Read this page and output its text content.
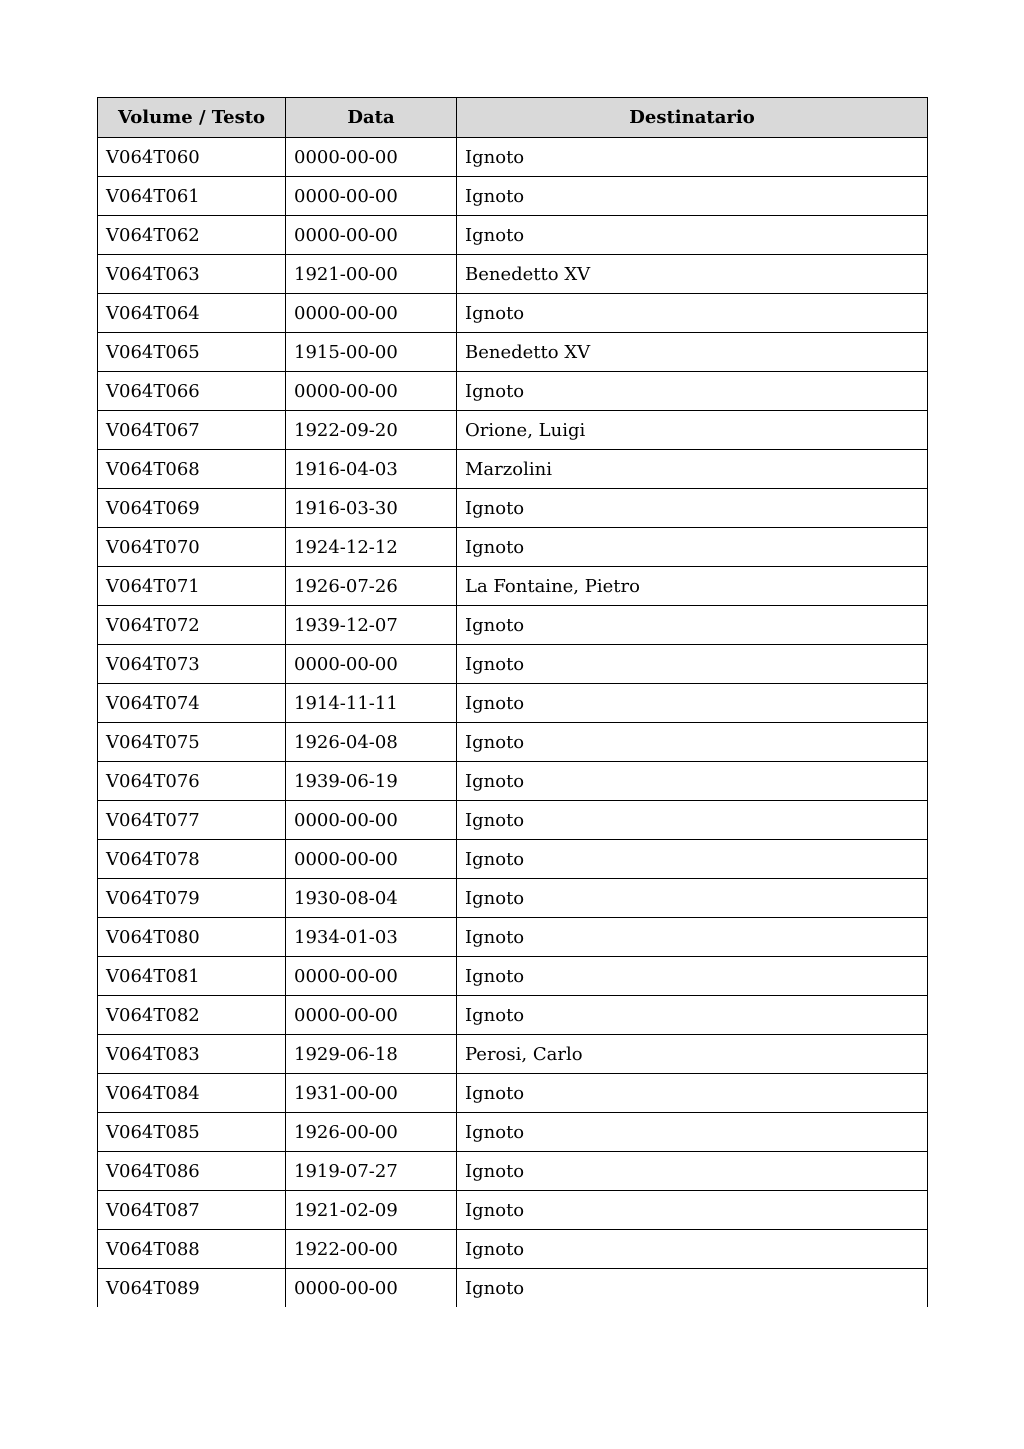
Volume / Testo	Data	Destinatario
V064T060	0000-00-00	Ignoto
V064T061	0000-00-00	Ignoto
V064T062	0000-00-00	Ignoto
V064T063	1921-00-00	Benedetto XV
V064T064	0000-00-00	Ignoto
V064T065	1915-00-00	Benedetto XV
V064T066	0000-00-00	Ignoto
V064T067	1922-09-20	Orione, Luigi
V064T068	1916-04-03	Marzolini
V064T069	1916-03-30	Ignoto
V064T070	1924-12-12	Ignoto
V064T071	1926-07-26	La Fontaine, Pietro
V064T072	1939-12-07	Ignoto
V064T073	0000-00-00	Ignoto
V064T074	1914-11-11	Ignoto
V064T075	1926-04-08	Ignoto
V064T076	1939-06-19	Ignoto
V064T077	0000-00-00	Ignoto
V064T078	0000-00-00	Ignoto
V064T079	1930-08-04	Ignoto
V064T080	1934-01-03	Ignoto
V064T081	0000-00-00	Ignoto
V064T082	0000-00-00	Ignoto
V064T083	1929-06-18	Perosi, Carlo
V064T084	1931-00-00	Ignoto
V064T085	1926-00-00	Ignoto
V064T086	1919-07-27	Ignoto
V064T087	1921-02-09	Ignoto
V064T088	1922-00-00	Ignoto
V064T089	0000-00-00	Ignoto
